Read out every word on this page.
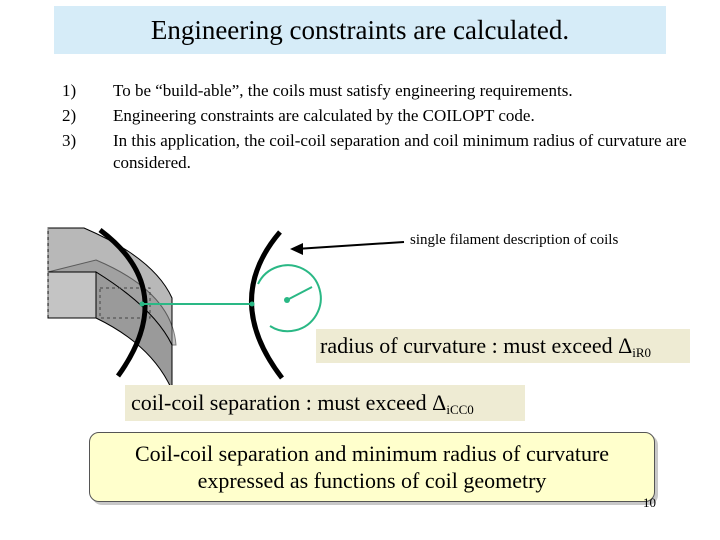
Engineering constraints are calculated.
1) To be “build-able”, the coils must satisfy engineering requirements.
2) Engineering constraints are calculated by the COILOPT code.
3) In this application, the coil-coil separation and coil minimum radius of curvature are considered.
single filament description of coils
radius of curvature : must exceed $\Delta_{iR0}$
coil-coil separation : must exceed $\Delta_{iCC0}$
Coil-coil separation and minimum radius of curvature
expressed as functions of coil geometry
10
